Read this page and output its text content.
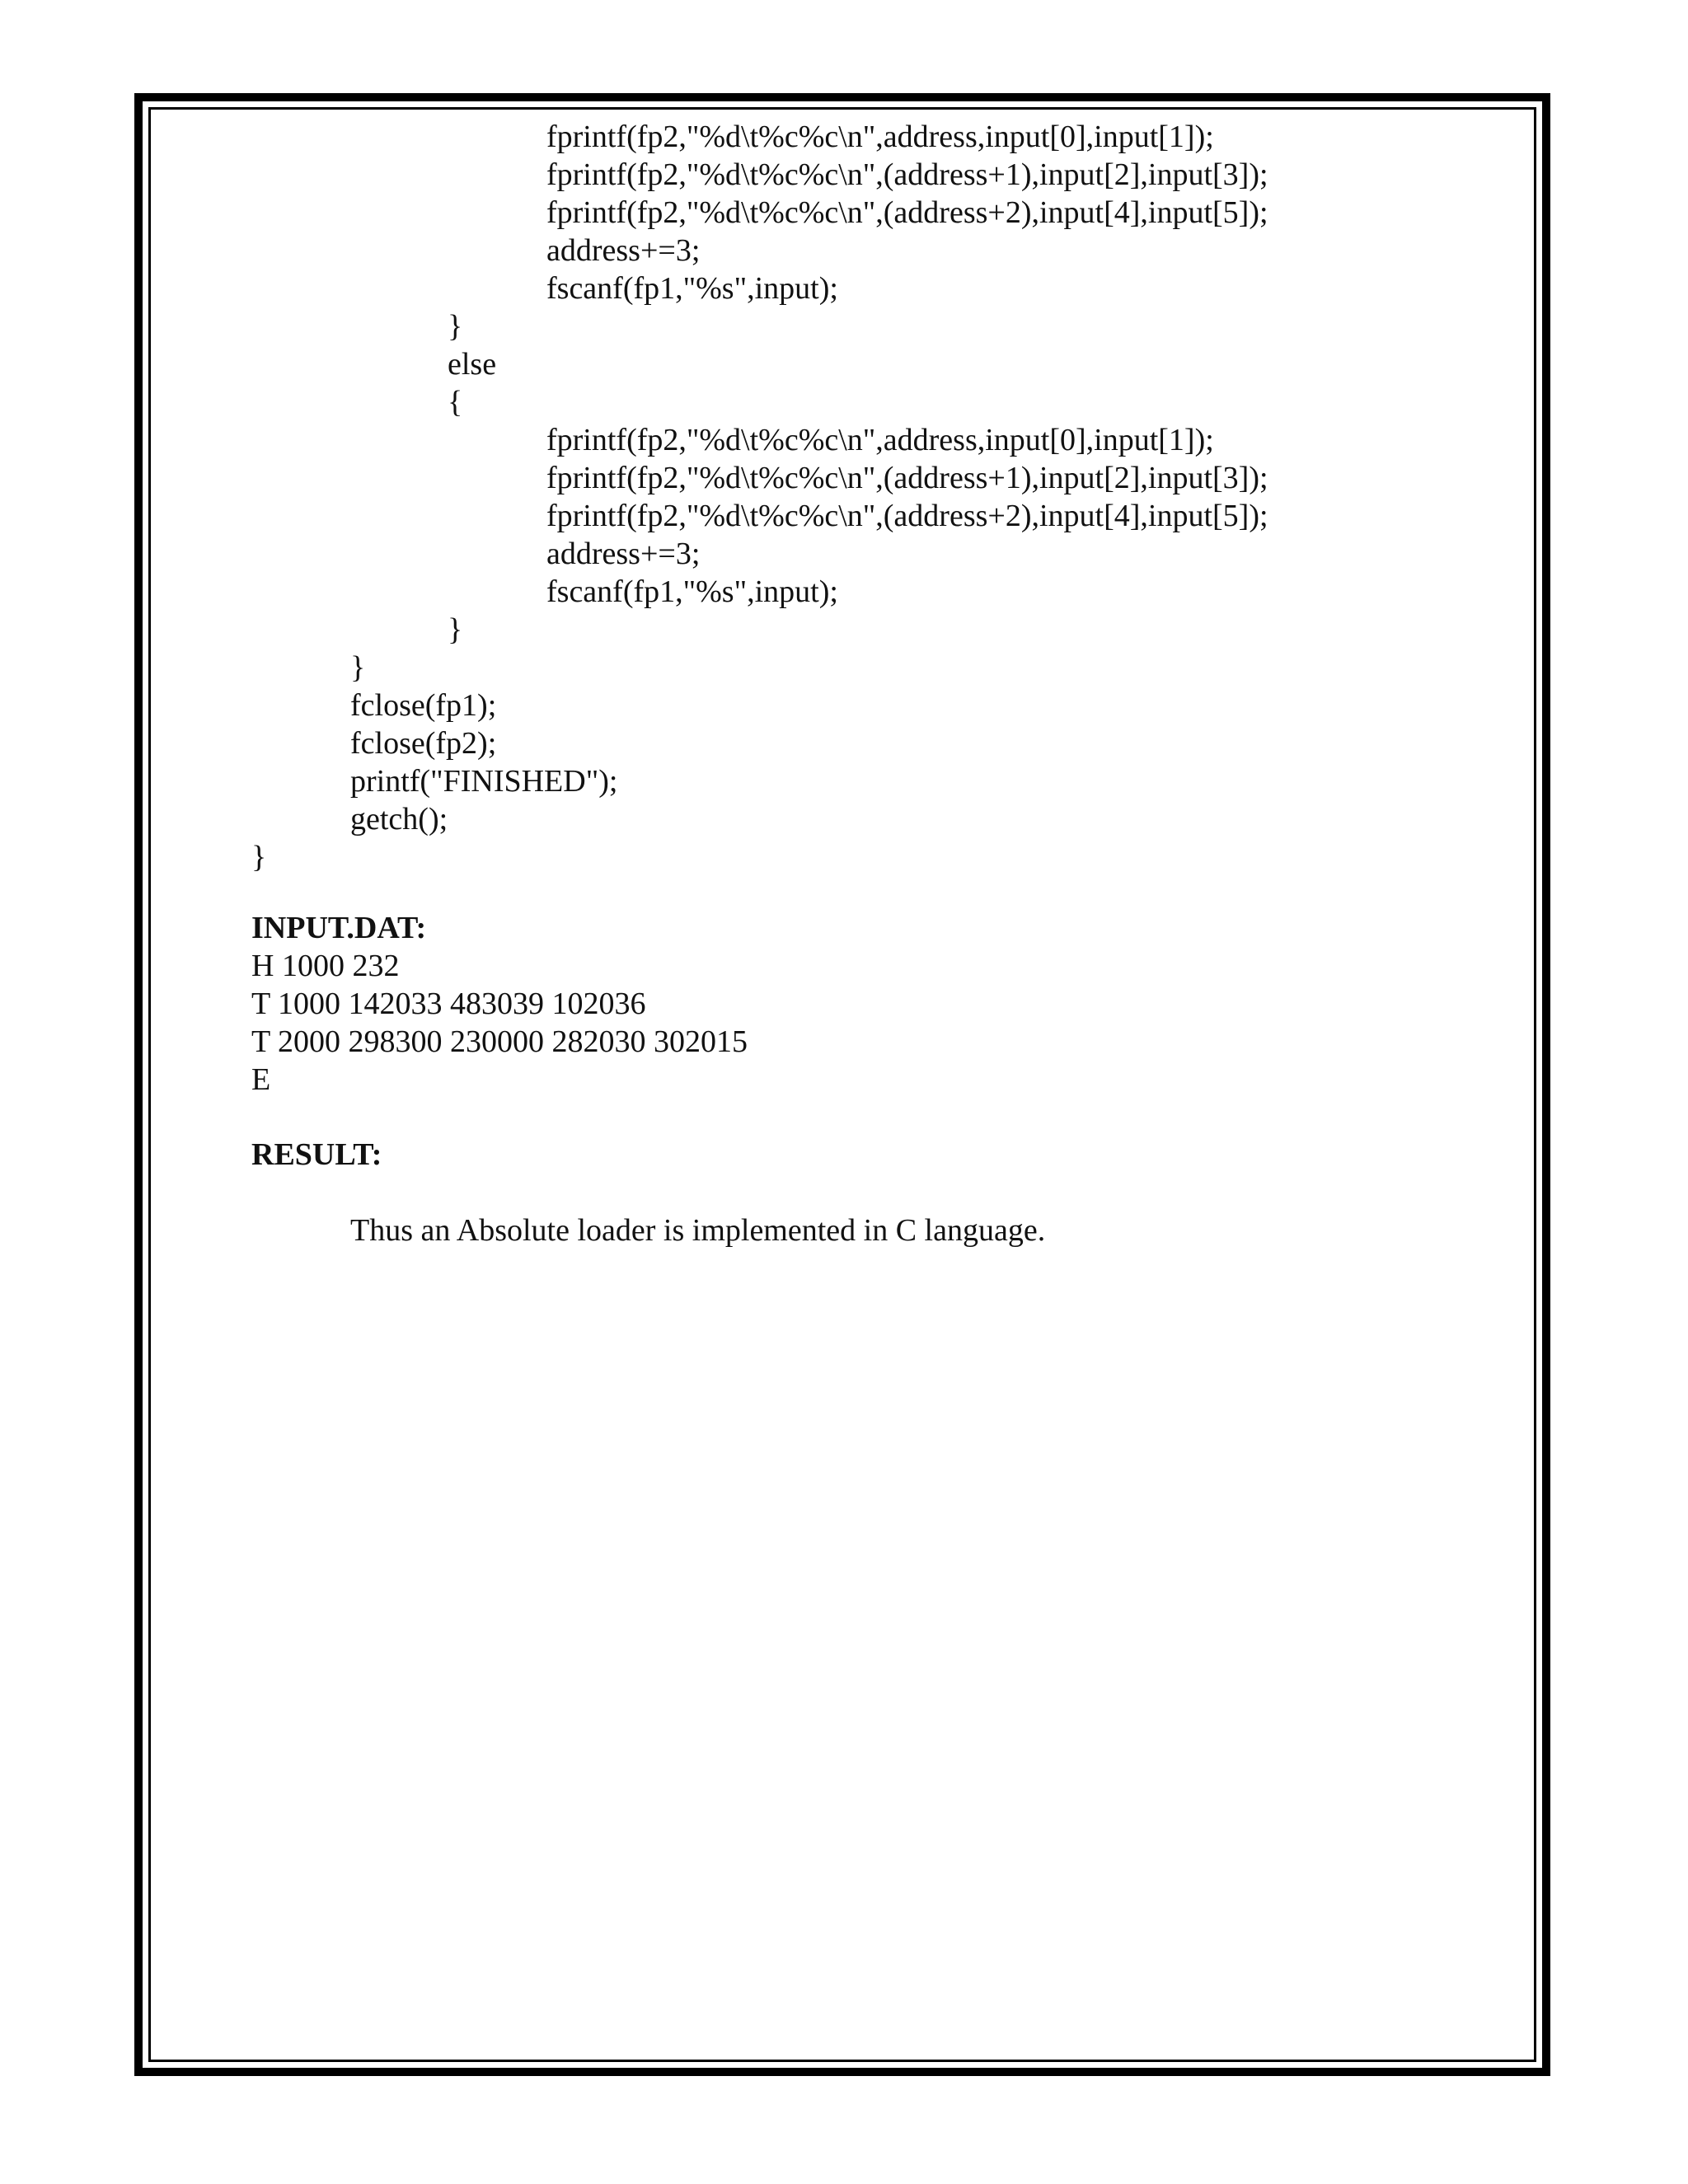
fprintf(fp2,"%d\t%c%c\n",address,input[0],input[1]);

fprintf(fp2,"%d\t%c%c\n",(address+1),input[2],input[3]);

fprintf(fp2,"%d\t%c%c\n",(address+2),input[4],input[5]);

address+=3;

fscanf(fp1,"%s",input);

}

else

{

fprintf(fp2,"%d\t%c%c\n",address,input[0],input[1]);

fprintf(fp2,"%d\t%c%c\n",(address+1),input[2],input[3]);

fprintf(fp2,"%d\t%c%c\n",(address+2),input[4],input[5]);

address+=3;

fscanf(fp1,"%s",input);

}

}

fclose(fp1);

fclose(fp2);

printf("FINISHED");

getch();

}

INPUT.DAT:

H 1000 232

T 1000 142033 483039 102036

T 2000 298300 230000 282030 302015

E

RESULT:

Thus an Absolute loader is implemented in C language.
